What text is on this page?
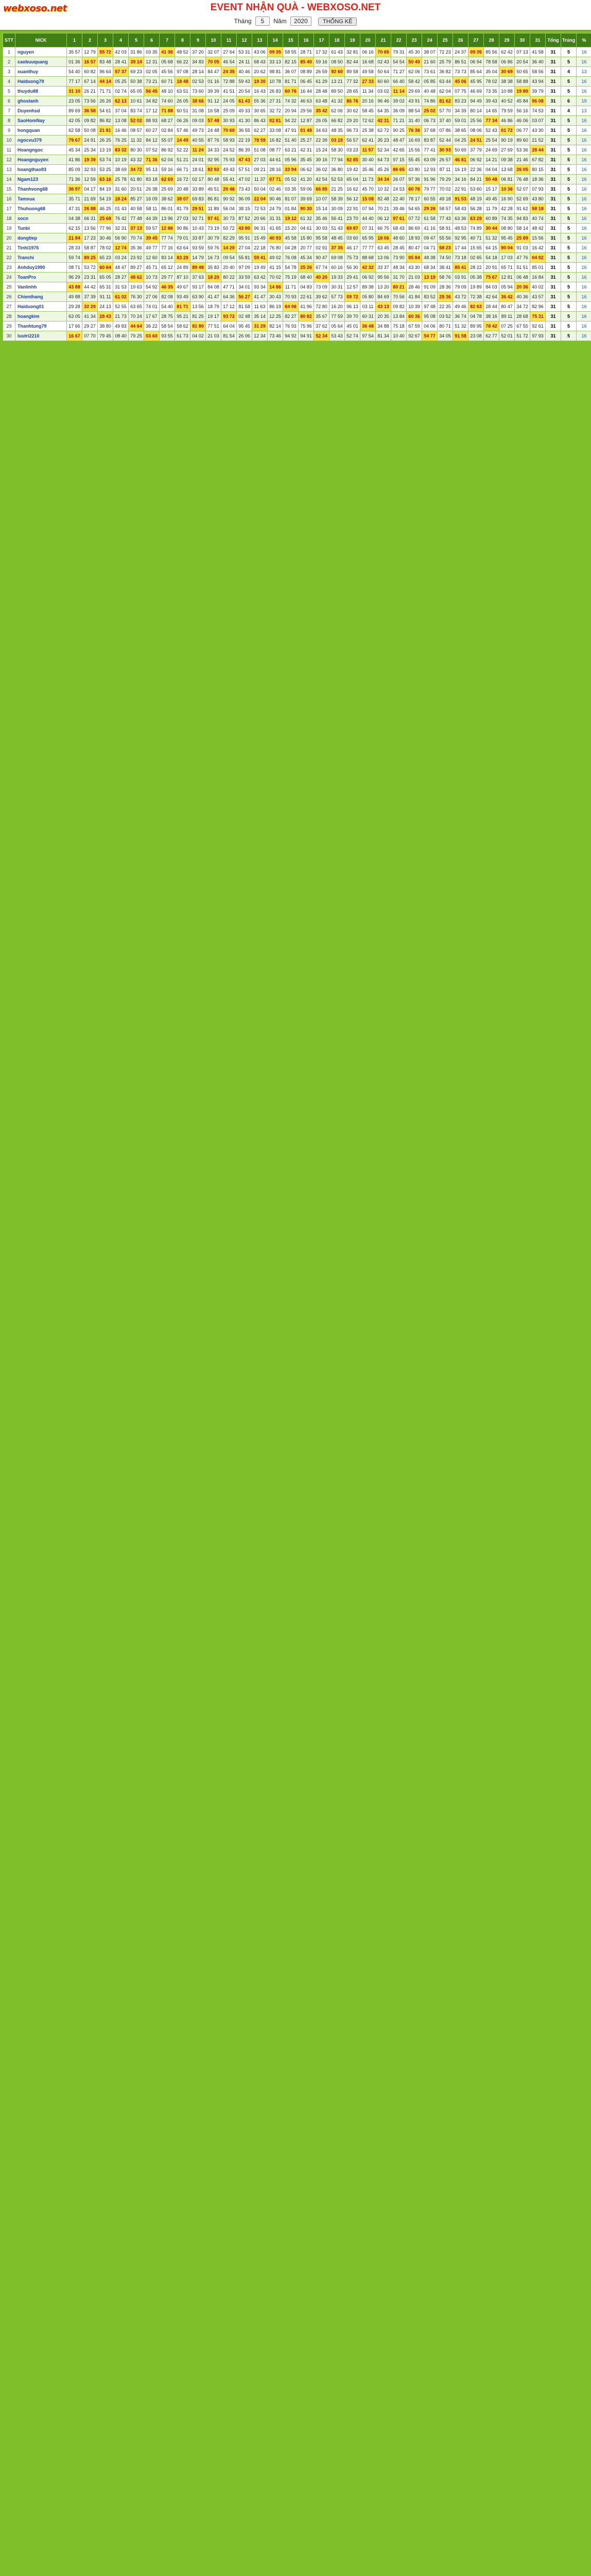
webxoso.net	EVENT NHẬN QUÀ - WEBXOSO.NET
Tháng 5 Năm 2020	THỐNG KÊ
STT	NICK	1	2	3	4	5	6	7	8	9	10	11	12	13	14	15	16	17	18	19	20	21	22	23	24	25	26	27	28	29	30	31	Tổng	Trúng	%
1	nguyen	35 57	12 79	55 72	42 03	31 86	03 35	41 36	48 52	37 20	32 07	27 64	53 31	43 06	09 35	58 55	28 71	17 32	61 43	32 81	06 16	70 65	79 31	45 30	38 07	72 23	24 37	09 35	85 56	62 42	07 13	41 58	31	5	16
2	caobuuquang	01 36	16 57	83 48	28 41	39 14	12 31	05 68	66 22	34 83	70 05	46 54	24 11	68 43	33 13	82 15	85 40	59 16	08 50	82 44	16 68	02 43	54 54	50 40	21 60	25 79	86 51	06 94	78 58	06 86	20 54	36 40	31	5	16
3	xuanthuy	54 40	60 82	96 64	57 37	69 23	02 05	45 56	97 08	28 14	84 47	24 35	40 46	20 62	98 81	36 07	08 89	26 59	92 60	89 58	49 58	50 64	71 27	62 06	73 61	36 82	73 73	85 64	35 04	30 69	50 65	58 56	31	4	13
4	Haiduong79	77 17	67 14	44 14	05 25	50 38	73 21	60 71	18 48	02 53	01 16	72 88	59 43	19 30	10 78	81 71	06 45	61 29	13 21	77 32	27 33	60 60	66 40	58 42	05 85	63 44	45 06	45 95	78 02	38 38	58 88	43 94	31	5	16
5	thuydu88	31 10	26 21	71 71	02 74	65 05	56 45	48 10	63 51	73 60	39 39	41 51	20 54	16 43	26 83	60 76	16 44	28 48	89 50	28 65	11 34	03 02	11 14	29 69	40 48	62 04	07 75	46 69	73 35	10 88	19 80	39 79	31	5	16
6	ghostanh	23 05	73 56	26 26	62 13	10 61	34 82	74 60	26 05	38 66	91 12	24 05	61 43	55 36	27 31	74 32	46 63	63 48	41 32	86 76	20 16	96 46	39 02	43 91	74 86	81 62	83 23	94 49	39 43	40 52	45 84	96 08	31	6	19
7	Duyenhsd	89 69	36 58	54 61	37 04	83 74	17 12	71 88	60 51	31 08	16 58	25 09	49 33	30 65	32 72	20 94	29 56	35 42	62 06	30 62	58 45	64 35	36 09	88 54	25 02	57 70	34 39	80 14	14 65	79 59	56 16	74 53	31	4	13
8	SaoHomNay	42 05	09 82	86 82	13 08	52 02	88 93	68 27	06 26	09 03	57 48	30 93	41 30	86 43	02 81	94 22	12 87	26 05	66 82	29 20	72 62	42 31	71 21	31 40	06 73	37 40	59 01	25 56	77 34	46 86	46 06	03 07	31	5	16
9	hongquan	62 58	50 08	21 81	16 46	08 57	60 27	02 84	57 46	49 73	24 48	70 60	36 55	62 27	33 08	47 91	01 48	34 63	48 35	96 73	25 38	62 72	90 25	76 36	37 68	07 86	38 65	08 06	52 43	01 72	06 77	43 30	31	5	16
10	ngocvu379	79 67	24 91	26 25	76 25	11 32	84 12	55 07	14 49	40 55	87 76	58 93	22 19	78 59	16 82	51 40	25 27	22 39	03 19	56 57	62 41	35 23	48 47	16 69	83 87	52 44	04 25	24 51	25 54	90 19	89 60	21 52	31	5	16
11	Hoangngoc	45 34	25 34	13 19	83 32	80 30	07 52	86 92	52 22	11 24	34 33	24 52	86 39	51 08	08 77	63 21	42 31	15 24	58 30	03 23	11 57	52 34	42 65	15 56	77 41	30 93	50 69	37 79	24 69	27 69	53 36	28 44	31	5	16
12	Hoangnguyen	41 86	19 39	53 74	10 19	43 32	71 36	62 04	51 21	24 01	92 95	75 93	47 43	27 03	44 61	05 96	35 45	39 16	77 94	92 85	30 40	64 73	97 15	55 45	63 09	26 57	46 81	06 92	14 21	09 38	21 46	67 82	31	5	16
13	hoangthao93	85 09	32 93	53 25	38 69	34 72	95 13	59 16	66 71	18 61	82 92	49 43	57 51	09 21	28 16	33 94	06 62	36 02	36 80	19 42	35 46	45 26	86 65	43 80	12 93	87 11	16 19	22 36	04 04	13 68	26 05	80 15	31	5	16
14	Ngam123	71 36	12 59	63 16	25 78	61 80	83 18	62 69	16 72	02 17	80 48	55 41	47 02	11 37	07 71	05 52	41 20	42 54	52 53	65 04	11 73	34 34	26 07	97 36	91 96	79 29	34 16	84 21	50 48	06 81	76 48	18 36	31	5	16
15	Thanhvong68	36 97	04 17	84 19	31 60	20 51	26 38	25 69	20 48	33 89	46 51	20 46	73 43	50 04	02 46	03 35	59 06	66 85	21 25	16 62	45 70	10 32	24 53	60 76	79 77	70 02	22 91	53 60	15 17	10 36	52 07	07 93	31	5	16
16	Tamxua	35 71	21 69	54 19	18 24	85 27	16 09	38 62	38 07	69 83	86 81	90 92	96 09	22 04	90 46	81 07	39 69	10 07	58 39	56 12	15 08	82 48	22 40	78 17	60 55	49 18	91 53	48 19	49 45	16 90	52 69	43 80	31	5	16
17	Thuhuong68	47 31	26 88	46 25	01 43	40 58	58 11	86 01	81 79	29 51	11 89	56 04	38 15	72 53	24 79	01 84	90 30	15 14	30 09	22 91	07 94	70 21	39 46	54 65	29 26	58 57	58 43	56 28	11 79	42 28	91 62	58 18	31	5	16
18	socn	04 38	66 31	25 68	76 42	77 48	44 39	13 96	27 03	92 71	97 41	30 73	87 52	20 66	31 31	19 12	61 32	35 46	56 41	23 70	44 40	06 12	97 61	07 72	61 58	77 43	63 36	63 29	60 89	74 35	94 83	40 74	31	5	16
19	Tunbi	62 15	13 56	77 96	32 31	37 13	59 57	12 86	90 86	10 43	73 19	50 72	43 80	96 31	41 65	15 20	04 61	30 93	51 43	69 87	07 31	66 75	68 43	86 69	41 16	58 91	48 53	74 89	30 44	08 80	58 14	48 42	31	5	16
20	dongtiep	21 84	17 23	30 46	56 90	70 74	39 45	77 74	79 01	33 87	30 79	82 29	95 91	15 49	40 93	45 58	15 80	95 58	48 45	03 60	65 95	18 06	48 60	18 93	09 47	55 56	92 95	40 71	51 32	95 45	25 89	15 56	31	5	16
21	Tinhi1976	28 33	58 87	78 02	12 74	35 36	49 77	77 16	63 64	93 59	59 76	14 20	27 04	22 18	76 80	04 28	20 77	02 91	37 35	46 17	77 77	63 45	28 45	80 47	04 71	58 23	17 44	15 65	64 15	90 04	91 03	16 42	31	5	16
22	Tranchi	59 74	89 25	65 23	03 24	23 92	12 60	83 14	83 29	14 79	16 73	09 54	55 81	59 41	49 02	76 08	45 34	90 47	69 08	75 73	88 68	13 06	73 90	05 84	48 38	74 50	73 18	02 65	54 18	17 03	47 76	04 92	31	5	16
23	Anhduy1990	08 71	53 72	60 64	48 47	89 27	45 71	65 12	24 89	89 48	35 83	20 40	97 09	19 49	41 15	54 78	25 26	67 74	60 16	56 30	42 32	33 37	48 34	43 30	68 34	38 41	85 41	28 22	20 91	65 71	51 51	85 01	31	5	16
24	ToanPro	96 29	23 31	65 05	28 27	48 62	10 73	29 77	87 10	37 63	18 20	80 22	33 59	63 42	70 02	75 19	68 40	40 20	19 33	29 41	06 92	95 56	31 70	21 03	13 19	58 76	03 91	05 38	75 67	12 81	06 48	16 84	31	5	16
25	Vanlinhh	43 88	44 42	65 31	31 53	19 63	54 92	46 35	49 67	93 17	84 08	47 71	34 01	93 34	14 86	11 71	04 83	73 09	30 31	12 57	89 38	13 20	80 21	28 46	91 09	28 36	79 09	19 89	84 03	05 94	20 36	40 02	31	5	16
26	Chienthang	49 88	37 39	91 11	61 02	76 30	27 06	82 08	93 49	63 90	41 47	64 36	56 27	41 47	30 43	70 93	22 61	39 62	57 73	09 72	05 80	84 69	70 56	41 84	83 52	29 36	43 72	72 38	42 64	36 42	40 36	43 57	31	5	16
27	Haiduong01	29 28	32 20	24 13	52 55	63 65	74 01	54 40	81 71	13 56	18 79	17 12	81 58	11 63	86 19	64 06	41 96	72 80	16 20	96 13	03 11	43 13	09 82	10 39	97 48	22 35	49 46	82 63	28 44	80 47	34 72	82 96	31	5	16
28	hoangkim	63 05	41 34	28 43	21 73	70 24	17 67	28 75	95 21	81 25	19 17	93 72	02 48	35 14	12 25	82 27	80 82	35 67	77 59	39 70	60 31	20 35	13 84	60 36	95 08	03 52	36 74	04 78	38 16	89 11	28 68	75 31	31	5	16
29	Thanhtung79	17 66	29 27	38 80	49 83	44 64	36 22	58 54	58 62	81 80	77 51	64 04	95 45	31 29	82 14	76 93	75 96	37 62	05 64	45 01	36 48	34 88	75 18	67 59	04 06	80 71	51 32	89 95	78 42	07 25	67 55	92 61	31	5	16
30	luutri2210	16 67	07 70	79 45	08 40	79 25	03 60	93 55	61 73	04 02	21 03	81 54	26 06	12 34	73 46	94 92	94 91	52 34	53 43	52 74	97 54	81 34	10 40	92 67	54 77	34 05	91 58	23 08	62 77	52 01	51 72	97 93	31	5	16
